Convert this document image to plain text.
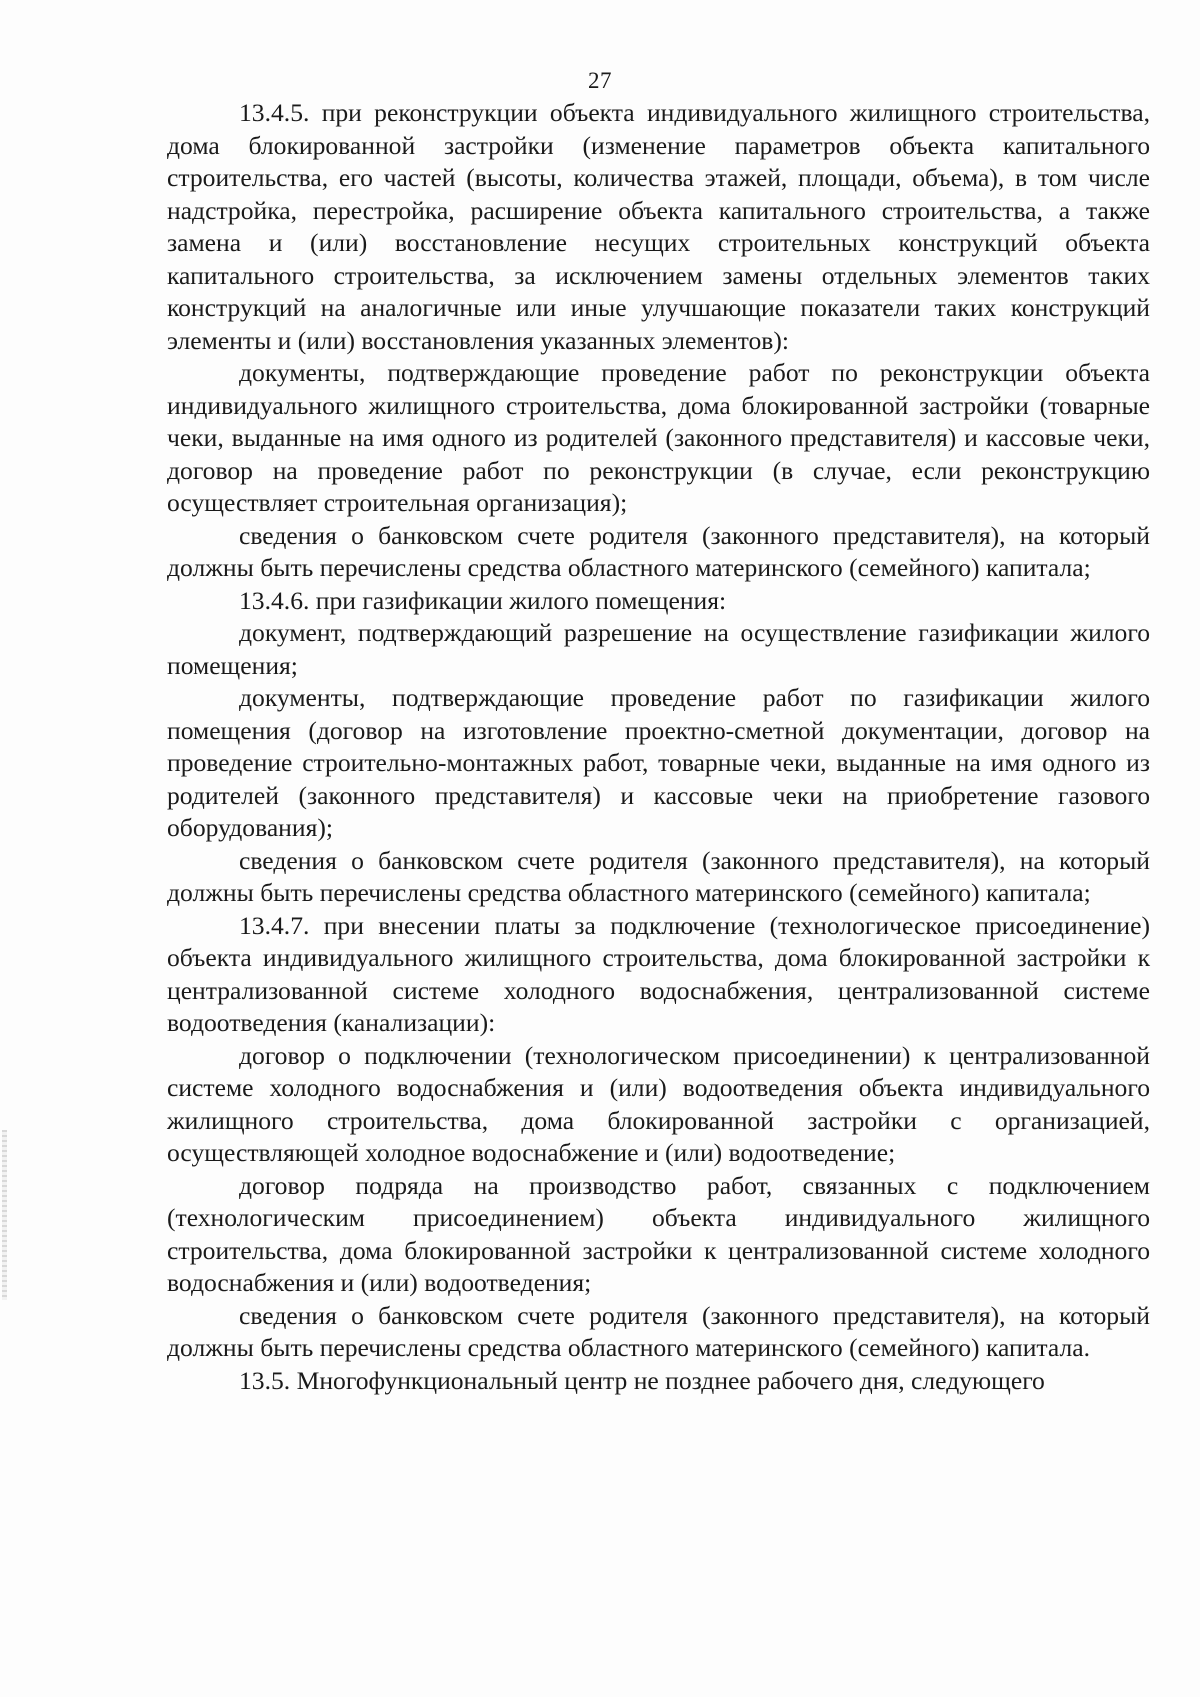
27

13.4.5. при реконструкции объекта индивидуального жилищного строительства, дома блокированной застройки (изменение параметров объекта капитального строительства, его частей (высоты, количества этажей, площади, объема), в том числе надстройка, перестройка, расширение объекта капитального строительства, а также замена и (или) восстановление несущих строительных конструкций объекта капитального строительства, за исключением замены отдельных элементов таких конструкций на аналогичные или иные улучшающие показатели таких конструкций элементы и (или) восстановления указанных элементов):

документы, подтверждающие проведение работ по реконструкции объекта индивидуального жилищного строительства, дома блокированной застройки (товарные чеки, выданные на имя одного из родителей (законного представителя) и кассовые чеки, договор на проведение работ по реконструкции (в случае, если реконструкцию осуществляет строительная организация);

сведения о банковском счете родителя (законного представителя), на который должны быть перечислены средства областного материнского (семейного) капитала;

13.4.6. при газификации жилого помещения:

документ, подтверждающий разрешение на осуществление газификации жилого помещения;

документы, подтверждающие проведение работ по газификации жилого помещения (договор на изготовление проектно-сметной документации, договор на проведение строительно-монтажных работ, товарные чеки, выданные на имя одного из родителей (законного представителя) и кассовые чеки на приобретение газового оборудования);

сведения о банковском счете родителя (законного представителя), на который должны быть перечислены средства областного материнского (семейного) капитала;

13.4.7. при внесении платы за подключение (технологическое присоединение) объекта индивидуального жилищного строительства, дома блокированной застройки к централизованной системе холодного водоснабжения, централизованной системе водоотведения (канализации):

договор о подключении (технологическом присоединении) к централизованной системе холодного водоснабжения и (или) водоотведения объекта индивидуального жилищного строительства, дома блокированной застройки с организацией, осуществляющей холодное водоснабжение и (или) водоотведение;

договор подряда на производство работ, связанных с подключением (технологическим присоединением) объекта индивидуального жилищного строительства, дома блокированной застройки к централизованной системе холодного водоснабжения и (или) водоотведения;

сведения о банковском счете родителя (законного представителя), на который должны быть перечислены средства областного материнского (семейного) капитала.

13.5. Многофункциональный центр не позднее рабочего дня, следующего
